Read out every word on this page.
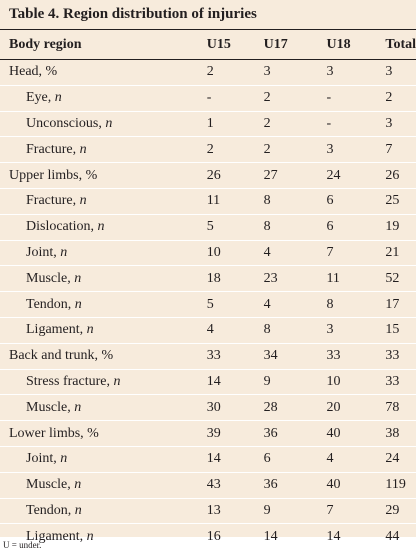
Table 4. Region distribution of injuries
Body region	U15	U17	U18	Total
Head, %	2	3	3	3
Eye, n	-	2	-	2
Unconscious, n	1	2	-	3
Fracture, n	2	2	3	7
Upper limbs, %	26	27	24	26
Fracture, n	11	8	6	25
Dislocation, n	5	8	6	19
Joint, n	10	4	7	21
Muscle, n	18	23	11	52
Tendon, n	5	4	8	17
Ligament, n	4	8	3	15
Back and trunk, %	33	34	33	33
Stress fracture, n	14	9	10	33
Muscle, n	30	28	20	78
Lower limbs, %	39	36	40	38
Joint, n	14	6	4	24
Muscle, n	43	36	40	119
Tendon, n	13	9	7	29
Ligament, n	16	14	14	44
U = under.
